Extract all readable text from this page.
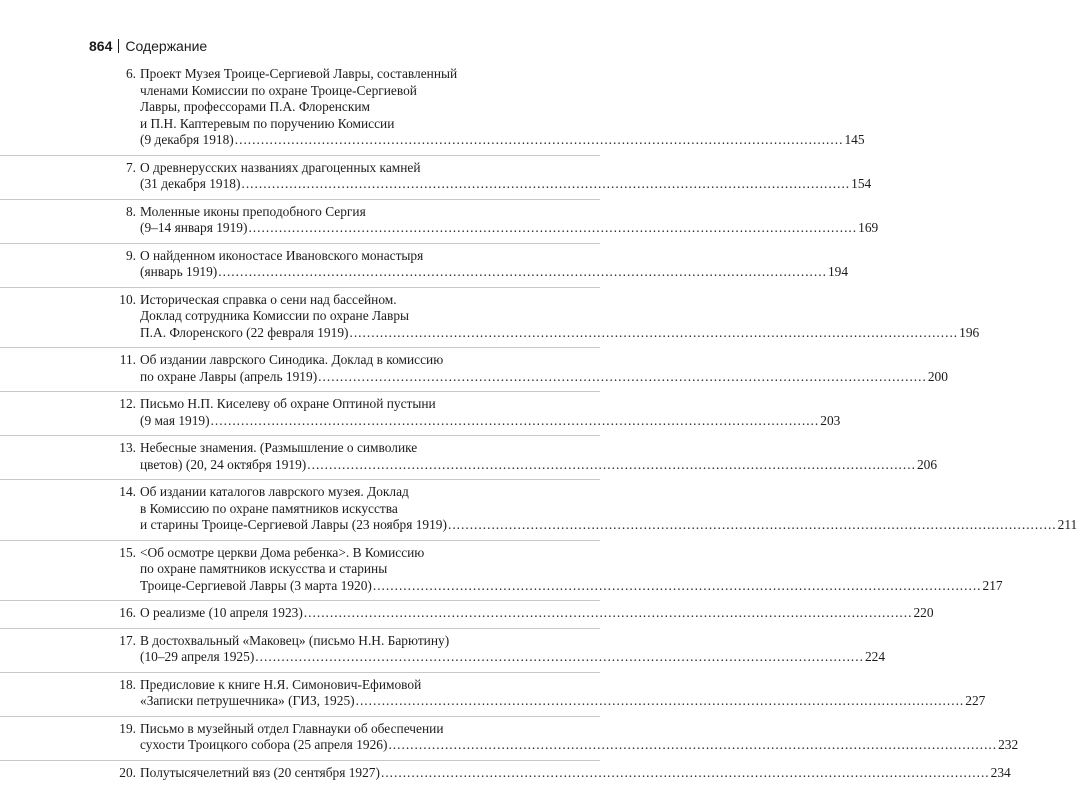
864 Содержание
6. Проект Музея Троице-Сергиевой Лавры, составленный
членами Комиссии по охране Троице-Сергиевой
Лавры, профессорами П.А. Флоренским
и П.Н. Каптеревым по поручению Комиссии
(9 декабря 1918) ............................................................................................................................................ 145
7. О древнерусских названиях драгоценных камней
(31 декабря 1918) ............................................................................................................................................ 154
8. Моленные иконы преподобного Сергия
(9–14 января 1919) ............................................................................................................................................ 169
9. О найденном иконостасе Ивановского монастыря
(январь 1919) ............................................................................................................................................ 194
10. Историческая справка о сени над бассейном.
Доклад сотрудника Комиссии по охране Лавры
П.А. Флоренского (22 февраля 1919) ............................................................................................................................................ 196
11. Об издании лаврского Синодика. Доклад в комиссию
по охране Лавры (апрель 1919) ............................................................................................................................................ 200
12. Письмо Н.П. Киселеву об охране Оптиной пустыни
(9 мая 1919) ............................................................................................................................................ 203
13. Небесные знамения. (Размышление о символике
цветов) (20, 24 октября 1919) ............................................................................................................................................ 206
14. Об издании каталогов лаврского музея. Доклад
в Комиссию по охране памятников искусства
и старины Троице-Сергиевой Лавры (23 ноября 1919) ............................................................................................................................................ 211
15. <Об осмотре церкви Дома ребенка>. В Комиссию
по охране памятников искусства и старины
Троице-Сергиевой Лавры (3 марта 1920) ............................................................................................................................................ 217
16. О реализме (10 апреля 1923) ............................................................................................................................................ 220
17. В достохвальный «Маковец» (письмо Н.Н. Барютину)
(10–29 апреля 1925) ............................................................................................................................................ 224
18. Предисловие к книге Н.Я. Симонович-Ефимовой
«Записки петрушечника» (ГИЗ, 1925) ............................................................................................................................................ 227
19. Письмо в музейный отдел Главнауки об обеспечении
сухости Троицкого собора (25 апреля 1926) ............................................................................................................................................ 232
20. Полутысячелетний вяз (20 сентября 1927) ............................................................................................................................................ 234
